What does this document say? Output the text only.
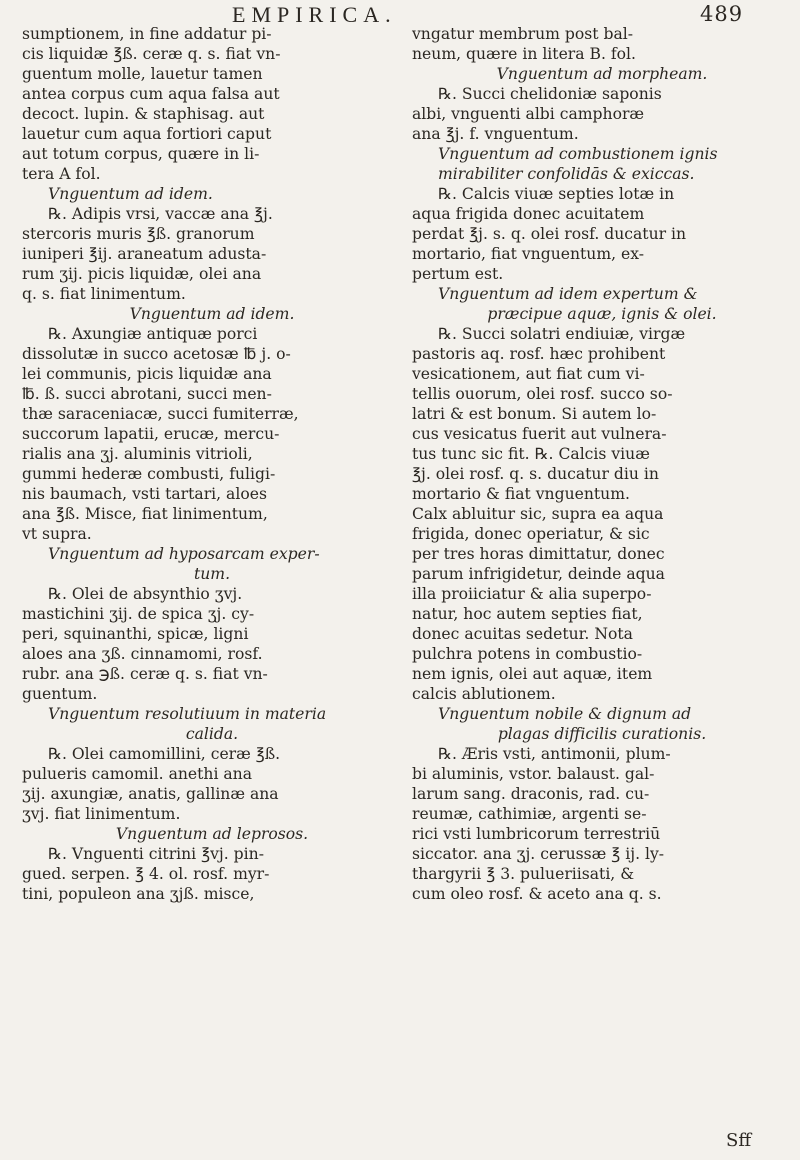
EMPIRICA.	489
sumptionem, in fine addatur pi-
cis liquidæ ℥ß. ceræ q. s. fiat vn-
guentum molle, lauetur tamen
antea corpus cum aqua falsa aut
decoct. lupin. & staphisag. aut
lauetur cum aqua fortiori caput
aut totum corpus, quære in li-
tera A fol.
Vnguentum ad idem.
℞. Adipis vrsi, vaccæ ana ℥j.
stercoris muris ℥ß. granorum
iuniperi ℥ij. araneatum adusta-
rum ʒij. picis liquidæ, olei ana
q. s. fiat linimentum.
Vnguentum ad idem.
℞. Axungiæ antiquæ porci
dissolutæ in succo acetosæ ℔ j. o-
lei communis, picis liquidæ ana
℔. ß. succi abrotani, succi men-
thæ saraceniacæ, succi fumiterræ,
succorum lapatii, erucæ, mercu-
rialis ana ʒj. aluminis vitrioli,
gummi hederæ combusti, fuligi-
nis baumach, vsti tartari, aloes
ana ℥ß. Misce, fiat linimentum,
vt supra.
Vnguentum ad hyposarcam exper-
tum.
℞. Olei de absynthio ʒvj.
mastichini ʒij. de spica ʒj. cy-
peri, squinanthi, spicæ, ligni
aloes ana ʒß. cinnamomi, rosf.
rubr. ana ℈ß. ceræ q. s. fiat vn-
guentum.
Vnguentum resolutiuum in materia
calida.
℞. Olei camomillini, ceræ ℥ß.
pulueris camomil. anethi ana
ʒij. axungiæ, anatis, gallinæ ana
ʒvj. fiat linimentum.
Vnguentum ad leprosos.
℞. Vnguenti citrini ℥vj. pin-
gued. serpen. ℥ 4. ol. rosf. myr-
tini, populeon ana ʒjß. misce,
vngatur membrum post bal-
neum, quære in litera B. fol.
Vnguentum ad morpheam.
℞. Succi chelidoniæ saponis
albi, vnguenti albi camphoræ
ana ℥j. f. vnguentum.
Vnguentum ad combustionem ignis
mirabiliter confolidās & exiccas.
℞. Calcis viuæ septies lotæ in
aqua frigida donec acuitatem
perdat ℥j. s. q. olei rosf. ducatur in
mortario, fiat vnguentum, ex-
pertum est.
Vnguentum ad idem expertum &
præcipue aquæ, ignis & olei.
℞. Succi solatri endiuiæ, virgæ
pastoris aq. rosf. hæc prohibent
vesicationem, aut fiat cum vi-
tellis ouorum, olei rosf. succo so-
latri & est bonum. Si autem lo-
cus vesicatus fuerit aut vulnera-
tus tunc sic fit. ℞. Calcis viuæ
℥j. olei rosf. q. s. ducatur diu in
mortario & fiat vnguentum.
Calx abluitur sic, supra ea aqua
frigida, donec operiatur, & sic
per tres horas dimittatur, donec
parum infrigidetur, deinde aqua
illa proiiciatur & alia superpo-
natur, hoc autem septies fiat,
donec acuitas sedetur. Nota
pulchra potens in combustio-
nem ignis, olei aut aquæ, item
calcis ablutionem.
Vnguentum nobile & dignum ad
plagas difficilis curationis.
℞. Æris vsti, antimonii, plum-
bi aluminis, vstor. balaust. gal-
larum sang. draconis, rad. cu-
reumæ, cathimiæ, argenti se-
rici vsti lumbricorum terrestriū
siccator. ana ʒj. cerussæ ℥ ij. ly-
thargyrii ℥ 3. pulueriisati, &
cum oleo rosf. & aceto ana q. s.
Sff
